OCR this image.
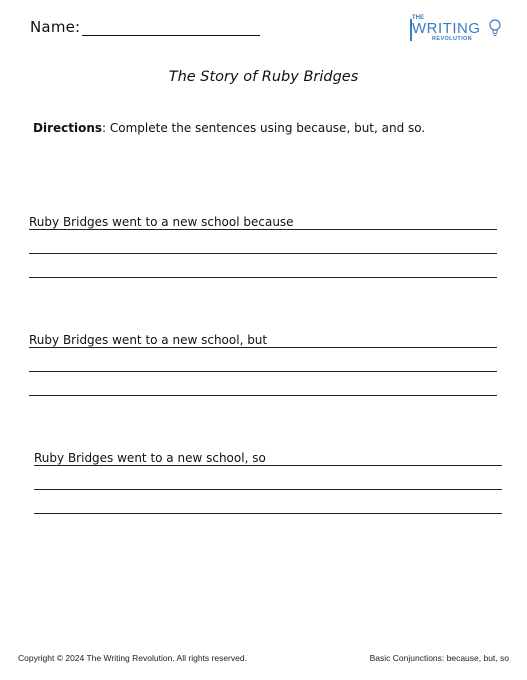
Name:	THE
WRITING
REVOLUTION
The Story of Ruby Bridges
Directions: Complete the sentences using because, but, and so.
Ruby Bridges went to a new school because
Ruby Bridges went to a new school, but
Ruby Bridges went to a new school, so
Copyright © 2024 The Writing Revolution. All rights reserved.	Basic Conjunctions: because, but, so
